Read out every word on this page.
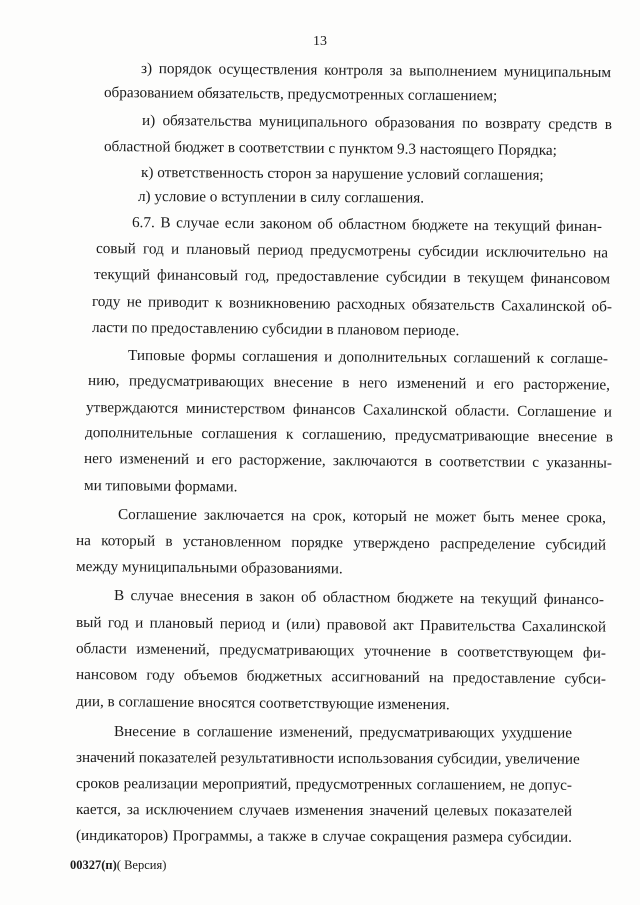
13
з) порядок осуществления контроля за выполнением муниципальным
образованием обязательств, предусмотренных соглашением;
и) обязательства муниципального образования по возврату средств в
областной бюджет в соответствии с пунктом 9.3 настоящего Порядка;
к) ответственность сторон за нарушение условий соглашения;
л) условие о вступлении в силу соглашения.
6.7. В случае если законом об областном бюджете на текущий финан-
совый год и плановый период предусмотрены субсидии исключительно на
текущий финансовый год, предоставление субсидии в текущем финансовом
году не приводит к возникновению расходных обязательств Сахалинской об-
ласти по предоставлению субсидии в плановом периоде.
Типовые формы соглашения и дополнительных соглашений к соглаше-
нию, предусматривающих внесение в него изменений и его расторжение,
утверждаются министерством финансов Сахалинской области. Соглашение и
дополнительные соглашения к соглашению, предусматривающие внесение в
него изменений и его расторжение, заключаются в соответствии с указанны-
ми типовыми формами.
Соглашение заключается на срок, который не может быть менее срока,
на который в установленном порядке утверждено распределение субсидий
между муниципальными образованиями.
В случае внесения в закон об областном бюджете на текущий финансо-
вый год и плановый период и (или) правовой акт Правительства Сахалинской
области изменений, предусматривающих уточнение в соответствующем фи-
нансовом году объемов бюджетных ассигнований на предоставление субси-
дии, в соглашение вносятся соответствующие изменения.
Внесение в соглашение изменений, предусматривающих ухудшение
значений показателей результативности использования субсидии, увеличение
сроков реализации мероприятий, предусмотренных соглашением, не допус-
кается, за исключением случаев изменения значений целевых показателей
(индикаторов) Программы, а также в случае сокращения размера субсидии.
00327(п)( Версия)
